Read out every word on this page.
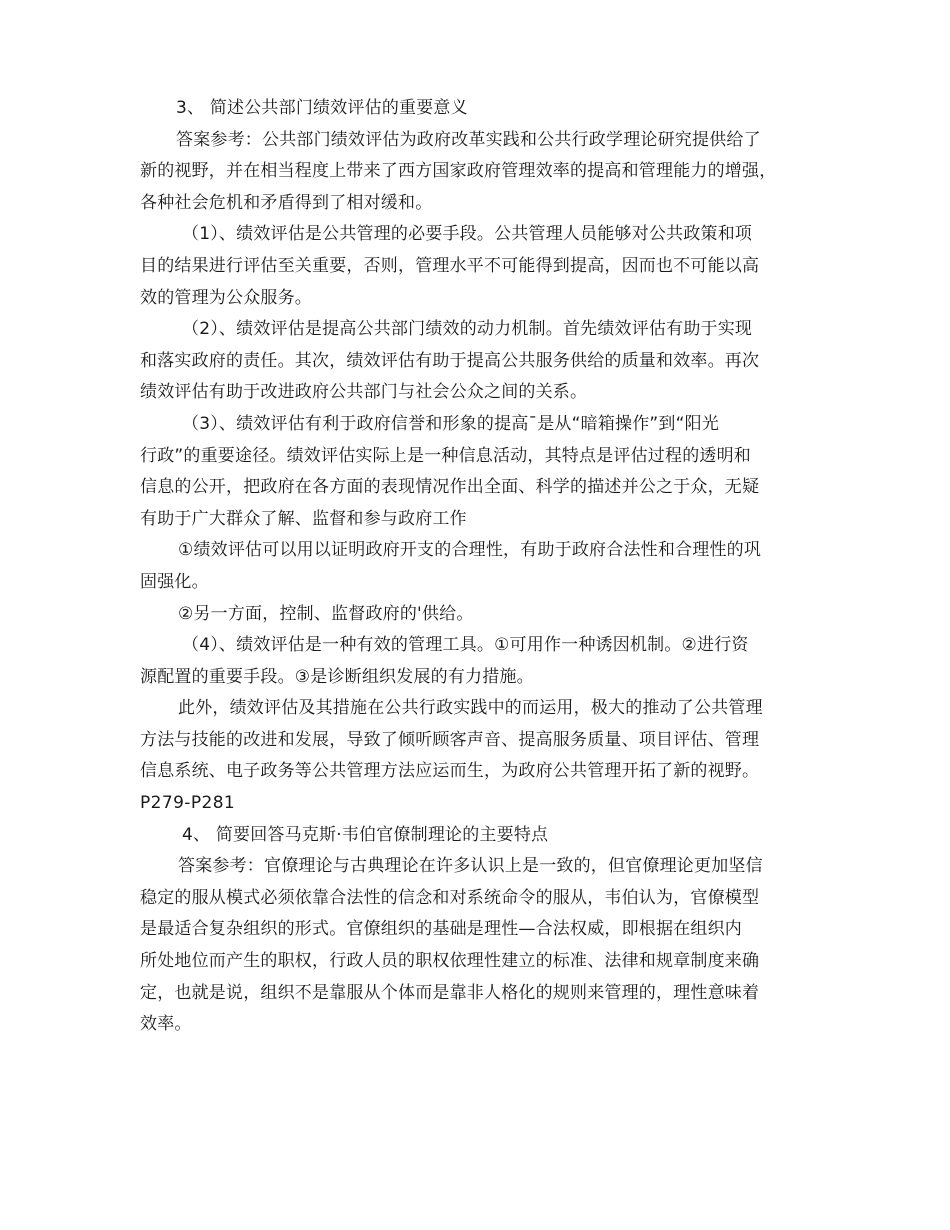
3、 简述公共部门绩效评估的重要意义
答案参考：公共部门绩效评估为政府改革实践和公共行政学理论研究提供给了
新的视野，并在相当程度上带来了西方国家政府管理效率的提高和管理能力的增强，
各种社会危机和矛盾得到了相对缓和。
（1）、绩效评估是公共管理的必要手段。公共管理人员能够对公共政策和项
目的结果进行评估至关重要，否则，管理水平不可能得到提高，因而也不可能以高
效的管理为公众服务。
（2）、绩效评估是提高公共部门绩效的动力机制。首先绩效评估有助于实现
和落实政府的责任。其次，绩效评估有助于提高公共服务供给的质量和效率。再次
绩效评估有助于改进政府公共部门与社会公众之间的关系。
（3）、绩效评估有利于政府信誉和形象的提高¯是从“暗箱操作”到“阳光
行政”的重要途径。绩效评估实际上是一种信息活动，其特点是评估过程的透明和
信息的公开，把政府在各方面的表现情况作出全面、科学的描述并公之于众，无疑
有助于广大群众了解、监督和参与政府工作
①绩效评估可以用以证明政府开支的合理性，有助于政府合法性和合理性的巩
固强化。
②另一方面，控制、监督政府的'供给。
（4）、绩效评估是一种有效的管理工具。①可用作一种诱因机制。②进行资
源配置的重要手段。③是诊断组织发展的有力措施。
此外，绩效评估及其措施在公共行政实践中的而运用，极大的推动了公共管理
方法与技能的改进和发展，导致了倾听顾客声音、提高服务质量、项目评估、管理
信息系统、电子政务等公共管理方法应运而生，为政府公共管理开拓了新的视野。
P279-P281
4、 简要回答马克斯·韦伯官僚制理论的主要特点
答案参考：官僚理论与古典理论在许多认识上是一致的，但官僚理论更加坚信
稳定的服从模式必须依靠合法性的信念和对系统命令的服从，韦伯认为，官僚模型
是最适合复杂组织的形式。官僚组织的基础是理性—合法权威，即根据在组织内
所处地位而产生的职权，行政人员的职权依理性建立的标准、法律和规章制度来确
定，也就是说，组织不是靠服从个体而是靠非人格化的规则来管理的，理性意味着
效率。
